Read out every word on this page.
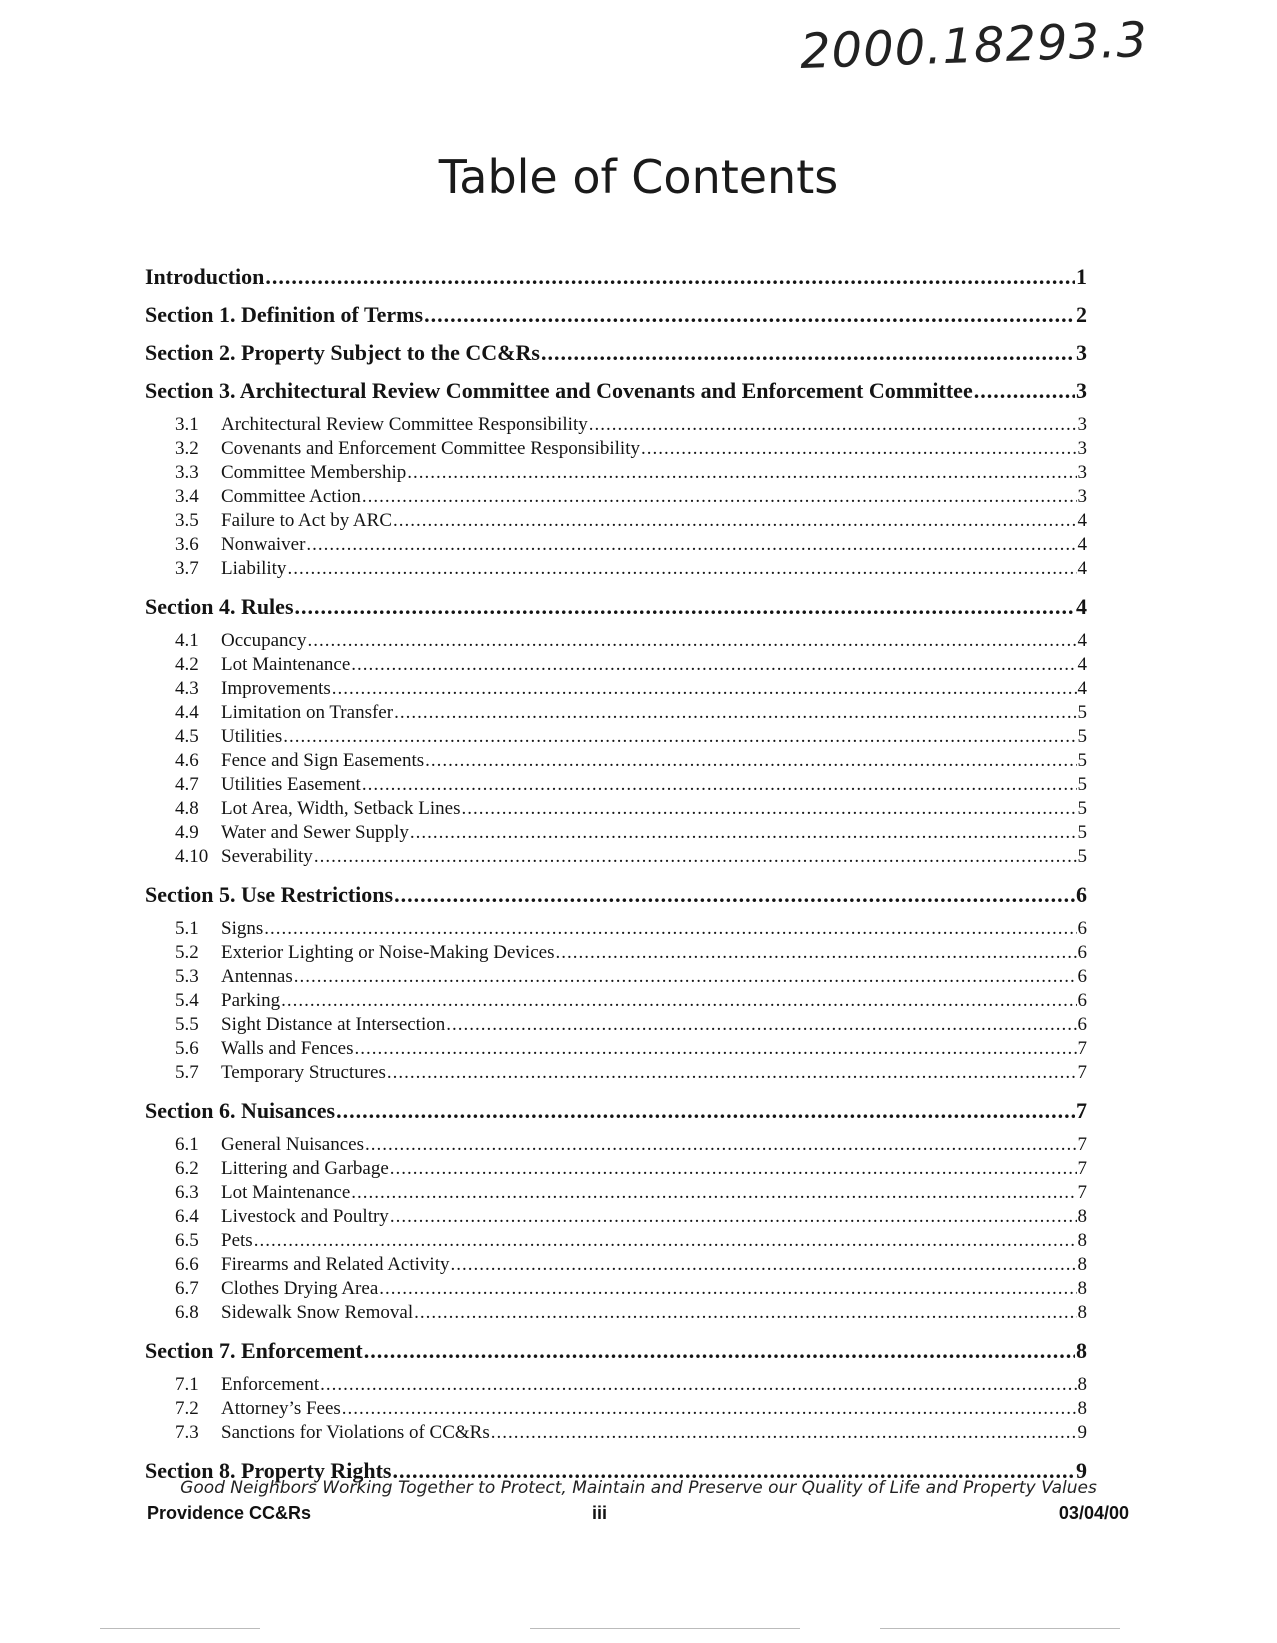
2000.18293.3
Table of Contents
Introduction .....	1
Section 1. Definition of Terms .....	2
Section 2. Property Subject to the CC&Rs .....	3
Section 3. Architectural Review Committee and Covenants and Enforcement Committee .....	3
3.1	Architectural Review Committee Responsibility .....	3
3.2	Covenants and Enforcement Committee Responsibility .....	3
3.3	Committee Membership .....	3
3.4	Committee Action .....	3
3.5	Failure to Act by ARC .....	4
3.6	Nonwaiver .....	4
3.7	Liability .....	4
Section 4. Rules .....	4
4.1	Occupancy .....	4
4.2	Lot Maintenance .....	4
4.3	Improvements .....	4
4.4	Limitation on Transfer .....	5
4.5	Utilities .....	5
4.6	Fence and Sign Easements .....	5
4.7	Utilities Easement .....	5
4.8	Lot Area, Width, Setback Lines .....	5
4.9	Water and Sewer Supply .....	5
4.10 Severability .....	5
Section 5. Use Restrictions .....	6
5.1	Signs .....	6
5.2	Exterior Lighting or Noise-Making Devices .....	6
5.3	Antennas .....	6
5.4	Parking .....	6
5.5	Sight Distance at Intersection .....	6
5.6	Walls and Fences .....	7
5.7	Temporary Structures .....	7
Section 6. Nuisances .....	7
6.1	General Nuisances .....	7
6.2	Littering and Garbage .....	7
6.3	Lot Maintenance .....	7
6.4	Livestock and Poultry .....	8
6.5	Pets .....	8
6.6	Firearms and Related Activity .....	8
6.7	Clothes Drying Area .....	8
6.8	Sidewalk Snow Removal .....	8
Section 7. Enforcement .....	8
7.1	Enforcement .....	8
7.2	Attorney’s Fees .....	8
7.3	Sanctions for Violations of CC&Rs .....	9
Section 8. Property Rights .....	9
Good Neighbors Working Together to Protect, Maintain and Preserve our Quality of Life and Property Values
Providence CC&Rs	iii	03/04/00
